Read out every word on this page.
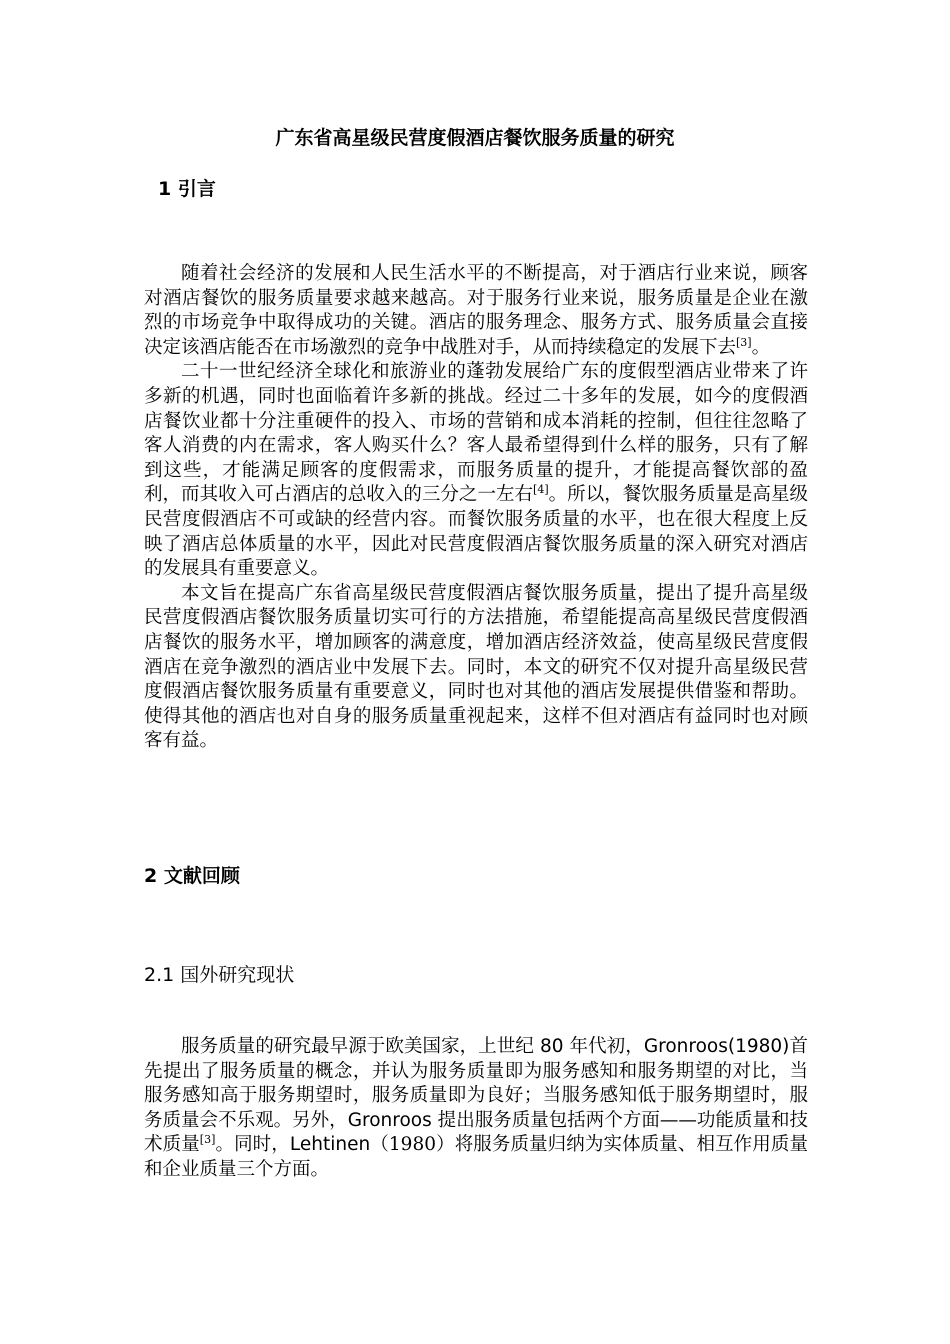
广东省高星级民营度假酒店餐饮服务质量的研究
1 引言

随着社会经济的发展和人民生活水平的不断提高，对于酒店行业来说，顾客对酒店餐饮的服务质量要求越来越高。对于服务行业来说，服务质量是企业在激烈的市场竞争中取得成功的关键。酒店的服务理念、服务方式、服务质量会直接决定该酒店能否在市场激烈的竞争中战胜对手，从而持续稳定的发展下去[3]。

二十一世纪经济全球化和旅游业的蓬勃发展给广东的度假型酒店业带来了许多新的机遇，同时也面临着许多新的挑战。经过二十多年的发展，如今的度假酒店餐饮业都十分注重硬件的投入、市场的营销和成本消耗的控制，但往往忽略了客人消费的内在需求，客人购买什么？客人最希望得到什么样的服务，只有了解到这些，才能满足顾客的度假需求，而服务质量的提升，才能提高餐饮部的盈利，而其收入可占酒店的总收入的三分之一左右[4]。所以，餐饮服务质量是高星级民营度假酒店不可或缺的经营内容。而餐饮服务质量的水平，也在很大程度上反映了酒店总体质量的水平，因此对民营度假酒店餐饮服务质量的深入研究对酒店的发展具有重要意义。

本文旨在提高广东省高星级民营度假酒店餐饮服务质量，提出了提升高星级民营度假酒店餐饮服务质量切实可行的方法措施，希望能提高高星级民营度假酒店餐饮的服务水平，增加顾客的满意度，增加酒店经济效益，使高星级民营度假酒店在竞争激烈的酒店业中发展下去。同时，本文的研究不仅对提升高星级民营度假酒店餐饮服务质量有重要意义，同时也对其他的酒店发展提供借鉴和帮助。使得其他的酒店也对自身的服务质量重视起来，这样不但对酒店有益同时也对顾客有益。

2 文献回顾
2.1 国外研究现状

服务质量的研究最早源于欧美国家，上世纪 80 年代初，Gronroos(1980)首先提出了服务质量的概念，并认为服务质量即为服务感知和服务期望的对比，当服务感知高于服务期望时，服务质量即为良好；当服务感知低于服务期望时，服务质量会不乐观。另外，Gronroos 提出服务质量包括两个方面——功能质量和技术质量[3]。同时，Lehtinen（1980）将服务质量归纳为实体质量、相互作用质量和企业质量三个方面。
